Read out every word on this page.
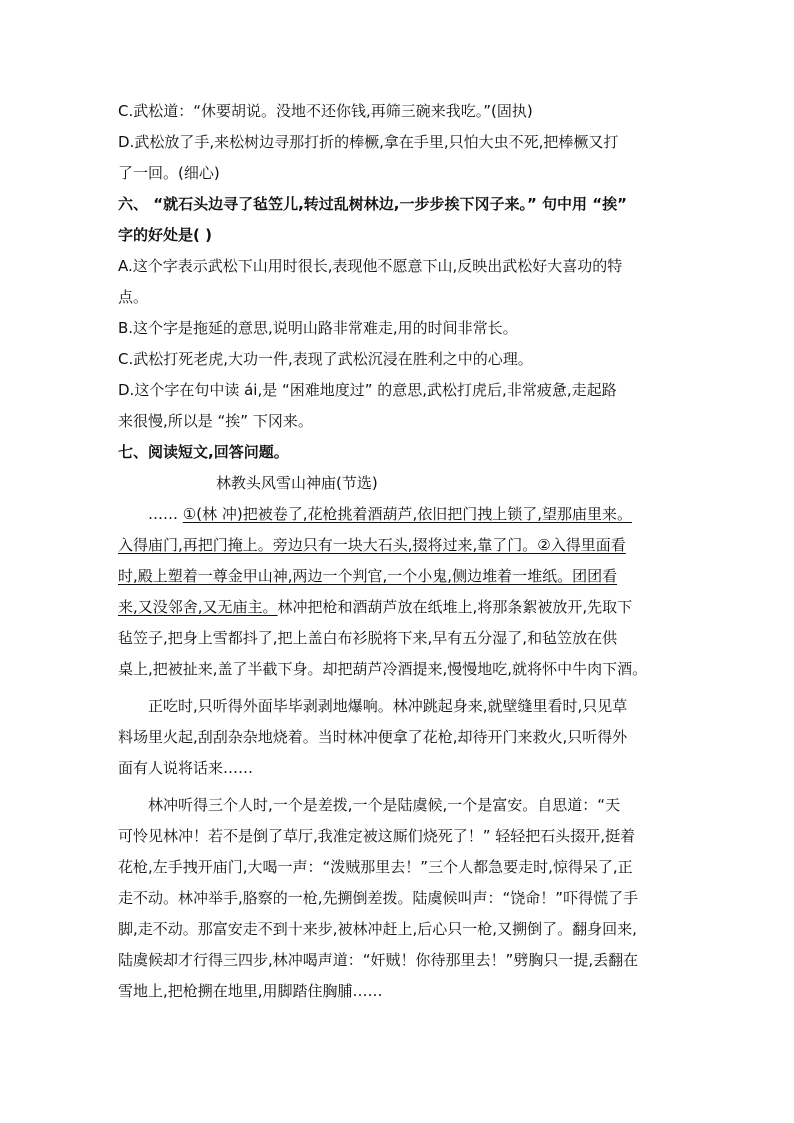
C.武松道：“休要胡说。没地不还你钱,再筛三碗来我吃。”(固执)
D.武松放了手,来松树边寻那打折的棒橛,拿在手里,只怕大虫不死,把棒橛又打
了一回。(细心)
六、 “就石头边寻了毡笠儿,转过乱树林边,一步步挨下冈子来。” 句中用 “挨”
字的好处是( )
A.这个字表示武松下山用时很长,表现他不愿意下山,反映出武松好大喜功的特
点。
B.这个字是拖延的意思,说明山路非常难走,用的时间非常长。
C.武松打死老虎,大功一件,表现了武松沉浸在胜利之中的心理。
D.这个字在句中读 ái,是 “困难地度过” 的意思,武松打虎后,非常疲惫,走起路
来很慢,所以是 “挨” 下冈来。
七、阅读短文,回答问题。
林教头风雪山神庙(节选)
…… ①(林 冲)把被卷了,花枪挑着酒葫芦,依旧把门拽上锁了,望那庙里来。
入得庙门,再把门掩上。旁边只有一块大石头,掇将过来,靠了门。②入得里面看
时,殿上塑着一尊金甲山神,两边一个判官,一个小鬼,侧边堆着一堆纸。团团看
来,又没邻舍,又无庙主。林冲把枪和酒葫芦放在纸堆上,将那条絮被放开,先取下
毡笠子,把身上雪都抖了,把上盖白布衫脱将下来,早有五分湿了,和毡笠放在供
桌上,把被扯来,盖了半截下身。却把葫芦冷酒提来,慢慢地吃,就将怀中牛肉下酒。
正吃时,只听得外面毕毕剥剥地爆响。林冲跳起身来,就壁缝里看时,只见草
料场里火起,刮刮杂杂地烧着。当时林冲便拿了花枪,却待开门来救火,只听得外
面有人说将话来……
林冲听得三个人时,一个是差拨,一个是陆虞候,一个是富安。自思道：“天
可怜见林冲！若不是倒了草厅,我准定被这厮们烧死了！” 轻轻把石头掇开,挺着
花枪,左手拽开庙门,大喝一声：“泼贼那里去！”三个人都急要走时,惊得呆了,正
走不动。林冲举手,胳察的一枪,先搠倒差拨。陆虞候叫声：“饶命！”吓得慌了手
脚,走不动。那富安走不到十来步,被林冲赶上,后心只一枪,又搠倒了。翻身回来,
陆虞候却才行得三四步,林冲喝声道：“奸贼！你待那里去！”劈胸只一提,丢翻在
雪地上,把枪搠在地里,用脚踏住胸脯……
